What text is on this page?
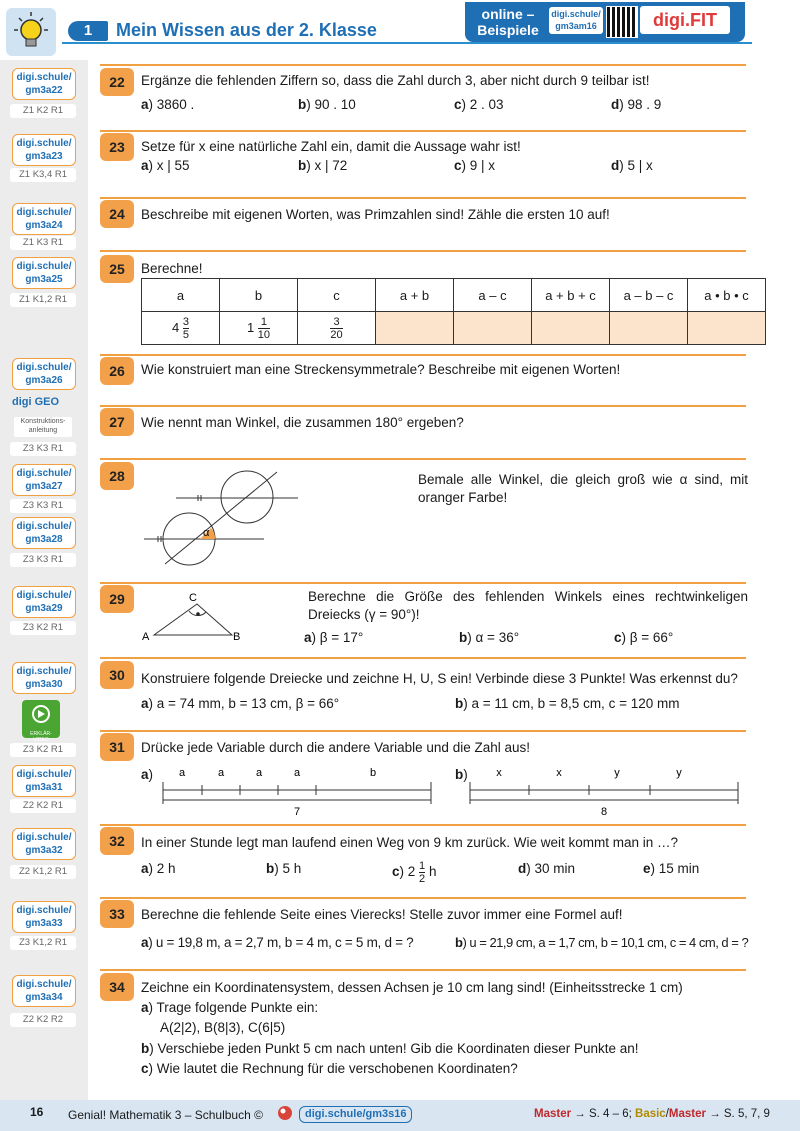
1	Mein Wissen aus der 2. Klasse
online – Beispiele
digi.schule/ gm3am16	digi.FIT
digi.schule/ gm3a22
Z1 K2 R1
digi.schule/ gm3a23
Z1 K3,4 R1
digi.schule/ gm3a24
Z1 K3 R1
digi.schule/ gm3a25
Z1 K1,2 R1
digi.schule/ gm3a26
digi GEO
Konstruktions- anleitung
Z3 K3 R1
digi.schule/ gm3a27
Z3 K3 R1
digi.schule/ gm3a28
Z3 K3 R1
digi.schule/ gm3a29
Z3 K2 R1
digi.schule/ gm3a30
ERKLÄR- VIDEO
Z3 K2 R1
digi.schule/ gm3a31
Z2 K2 R1
digi.schule/ gm3a32
Z2 K1,2 R1
digi.schule/ gm3a33
Z3 K1,2 R1
digi.schule/ gm3a34
Z2 K2 R2
22	Ergänze die fehlenden Ziffern so, dass die Zahl durch 3, aber nicht durch 9 teilbar ist!
a) 3860 .	b) 90 . 10	c) 2 . 03	d) 98 . 9
23	Setze für x eine natürliche Zahl ein, damit die Aussage wahr ist!
a) x | 55	b) x | 72	c) 9 | x	d) 5 | x
24	Beschreibe mit eigenen Worten, was Primzahlen sind! Zähle die ersten 10 auf!
25	Berechne!
a	b	c	a + b	a – c	a + b + c	a – b – c	a • b • c
$4 \frac{3}{5}$	$1 \frac{1}{10}$	$\frac{3}{20}$

26	Wie konstruiert man eine Streckensymmetrale? Beschreibe mit eigenen Worten!
27	Wie nennt man Winkel, die zusammen 180° ergeben?
28	Bemale alle Winkel, die gleich groß wie α sind, mit oranger Farbe!
α
29
A	B
C	Berechne die Größe des fehlenden Winkels eines rechtwinkeligen Dreiecks (γ = 90°)!
a) β = 17°	b) α = 36°	c) β = 66°
30	Konstruiere folgende Dreiecke und zeichne H, U, S ein! Verbinde diese 3 Punkte! Was erkennst du?
a) a = 74 mm, b = 13 cm, β = 66°	b) a = 11 cm, b = 8,5 cm, c = 120 mm
31	Drücke jede Variable durch die andere Variable und die Zahl aus!
a) a	a	a	a	b
7
b)	x	x	y	y
8
32	In einer Stunde legt man laufend einen Weg von 9 km zurück. Wie weit kommt man in …?
a) 2 h	b) 5 h	c) $2 \frac{1}{2}$ h	d) 30 min	e) 15 min
33	Berechne die fehlende Seite eines Vierecks! Stelle zuvor immer eine Formel auf!
a) u = 19,8 m, a = 2,7 m, b = 4 m, c = 5 m, d = ?	b) u = 21,9 cm, a = 1,7 cm, b = 10,1 cm, c = 4 cm, d = ?
34	Zeichne ein Koordinatensystem, dessen Achsen je 10 cm lang sind! (Einheitsstrecke 1 cm)
a) Trage folgende Punkte ein:
A(2|2), B(8|3), C(6|5)
b) Verschiebe jeden Punkt 5 cm nach unten! Gib die Koordinaten dieser Punkte an!
c) Wie lautet die Rechnung für die verschobenen Koordinaten?
16 Genial! Mathematik 3 – Schulbuch ©	digi.schule/gm3s16	Master → S. 4 – 6; Basic/Master → S. 5, 7, 9
